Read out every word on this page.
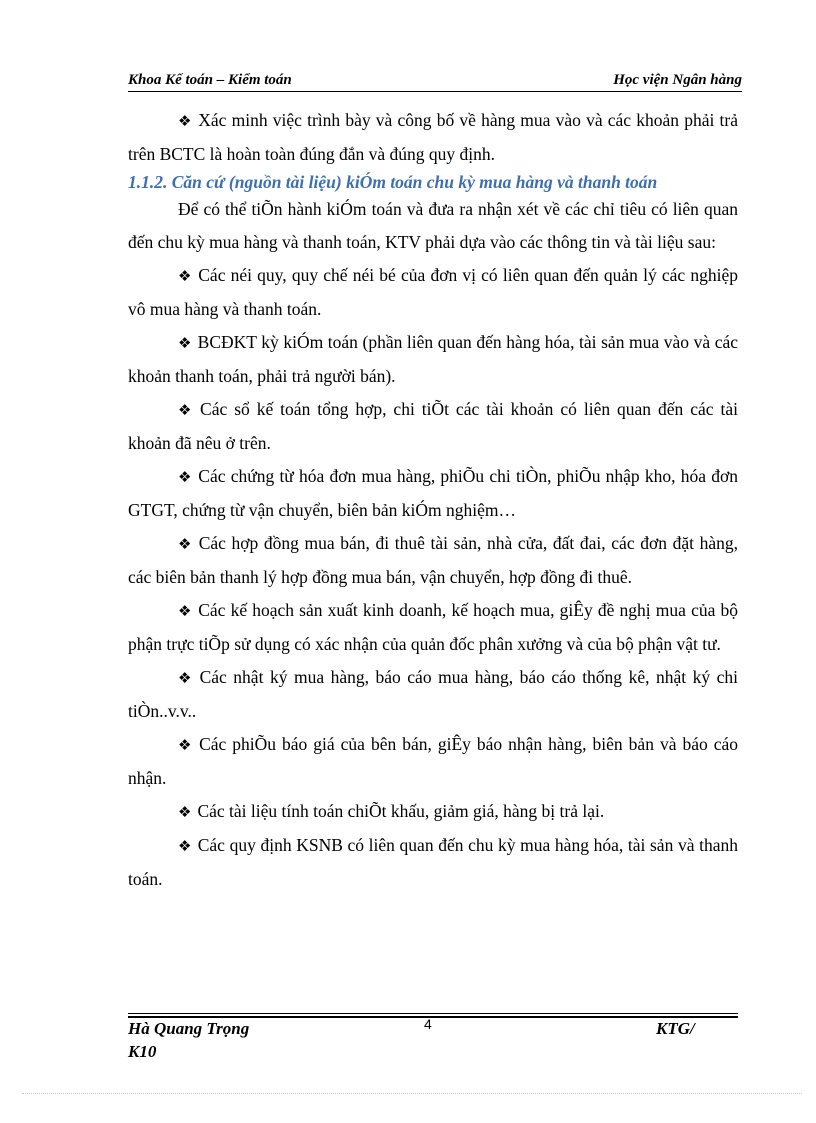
Khoa Kế toán – Kiểm toán	Học viện Ngân hàng

❖ Xác minh việc trình bày và công bố về hàng mua vào và các khoản phải trả trên BCTC là hoàn toàn đúng đắn và đúng quy định.

1.1.2. Căn cứ (nguồn tài liệu) kiÓm toán chu kỳ mua hàng và thanh toán

Để có thể tiÕn hành kiÓm toán và đưa ra nhận xét về các chỉ tiêu có liên quan đến chu kỳ mua hàng và thanh toán, KTV phải dựa vào các thông tin và tài liệu sau:

❖ Các néi quy, quy chế néi bé của đơn vị có liên quan đến quản lý các nghiệp vô mua hàng và thanh toán.

❖ BCĐKT kỳ kiÓm toán (phần liên quan đến hàng hóa, tài sản mua vào và các khoản thanh toán, phải trả người bán).

❖ Các sổ kế toán tổng hợp, chi tiÕt các tài khoản có liên quan đến các tài khoản đã nêu ở trên.

❖ Các chứng từ hóa đơn mua hàng, phiÕu chi tiÒn, phiÕu nhập kho, hóa đơn GTGT, chứng từ vận chuyển, biên bản kiÓm nghiệm…

❖ Các hợp đồng mua bán, đi thuê tài sản, nhà cửa, đất đai, các đơn đặt hàng, các biên bản thanh lý hợp đồng mua bán, vận chuyển, hợp đồng đi thuê.

❖ Các kế hoạch sản xuất kinh doanh, kế hoạch mua, giÊy đề nghị mua của bộ phận trực tiÕp sử dụng có xác nhận của quản đốc phân xưởng và của bộ phận vật tư.

❖ Các nhật ký mua hàng, báo cáo mua hàng, báo cáo thống kê, nhật ký chi tiÒn..v.v..

❖ Các phiÕu báo giá của bên bán, giÊy báo nhận hàng, biên bản và báo cáo nhận.

❖ Các tài liệu tính toán chiÕt khấu, giảm giá, hàng bị trả lại.

❖ Các quy định KSNB có liên quan đến chu kỳ mua hàng hóa, tài sản và thanh toán.

Hà Quang Trọng
K10
4	KTG/
